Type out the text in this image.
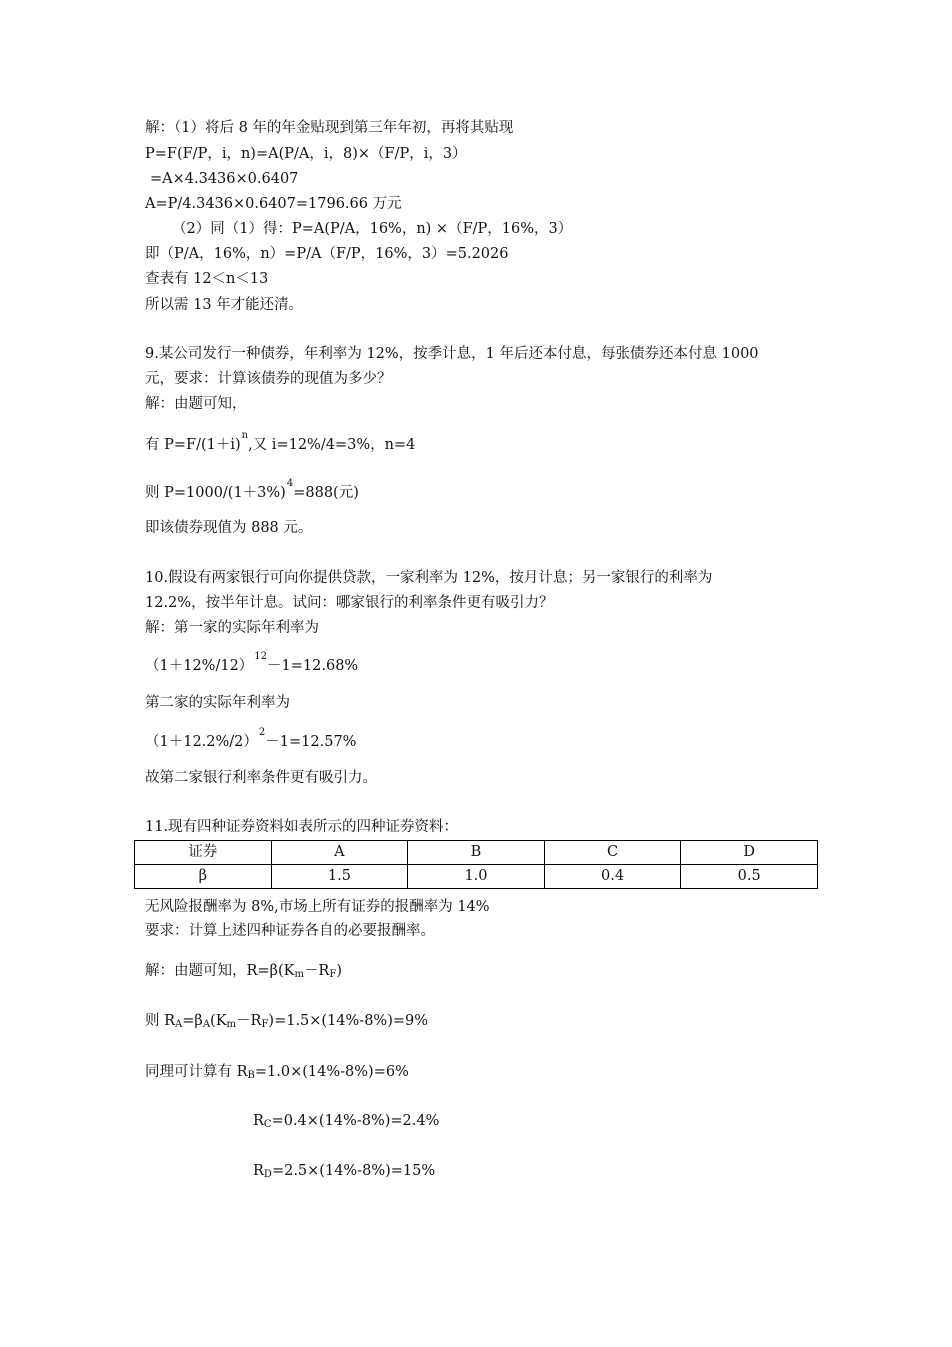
解：（1）将后 8 年的年金贴现到第三年年初，再将其贴现
P=F(F/P，i，n)=A(P/A，i，8)×（F/P，i，3）
=A×4.3436×0.6407
A=P/4.3436×0.6407=1796.66 万元
（2）同（1）得：P=A(P/A，16%，n) ×（F/P，16%，3）
即（P/A，16%，n）=P/A（F/P，16%，3）=5.2026
查表有 12＜n＜13
所以需 13 年才能还清。
9.某公司发行一种债券，年利率为 12%，按季计息，1 年后还本付息，每张债券还本付息 1000
元，要求：计算该债券的现值为多少？
解：由题可知，
有 $P=F/(1+i)^n$,又 i=12%/4=3%，n=4
则 $P=1000/(1+3\%)^4=888$(元)
即该债券现值为 888 元。
10.假设有两家银行可向你提供贷款，一家利率为 12%，按月计息；另一家银行的利率为
12.2%，按半年计息。试问：哪家银行的利率条件更有吸引力？
解：第一家的实际年利率为
$(1+12\%/12)^{12}-1=12.68\%$
第二家的实际年利率为
$(1+12.2\%/2)^2-1=12.57\%$
故第二家银行利率条件更有吸引力。
11.现有四种证券资料如表所示的四种证券资料：
证券	A	B	C	D
β	1.5	1.0	0.4	0.5
无风险报酬率为 8%,市场上所有证券的报酬率为 14%
要求：计算上述四种证券各自的必要报酬率。
解：由题可知，$R=\beta(K_m-R_F)$
则 $R_A=\beta_A(K_m-R_F)=1.5\times(14\%-8\%)=9\%$
同理可计算有 $R_B=1.0\times(14\%-8\%)=6\%$
$R_C=0.4\times(14\%-8\%)=2.4\%$
$R_D=2.5\times(14\%-8\%)=15\%$
